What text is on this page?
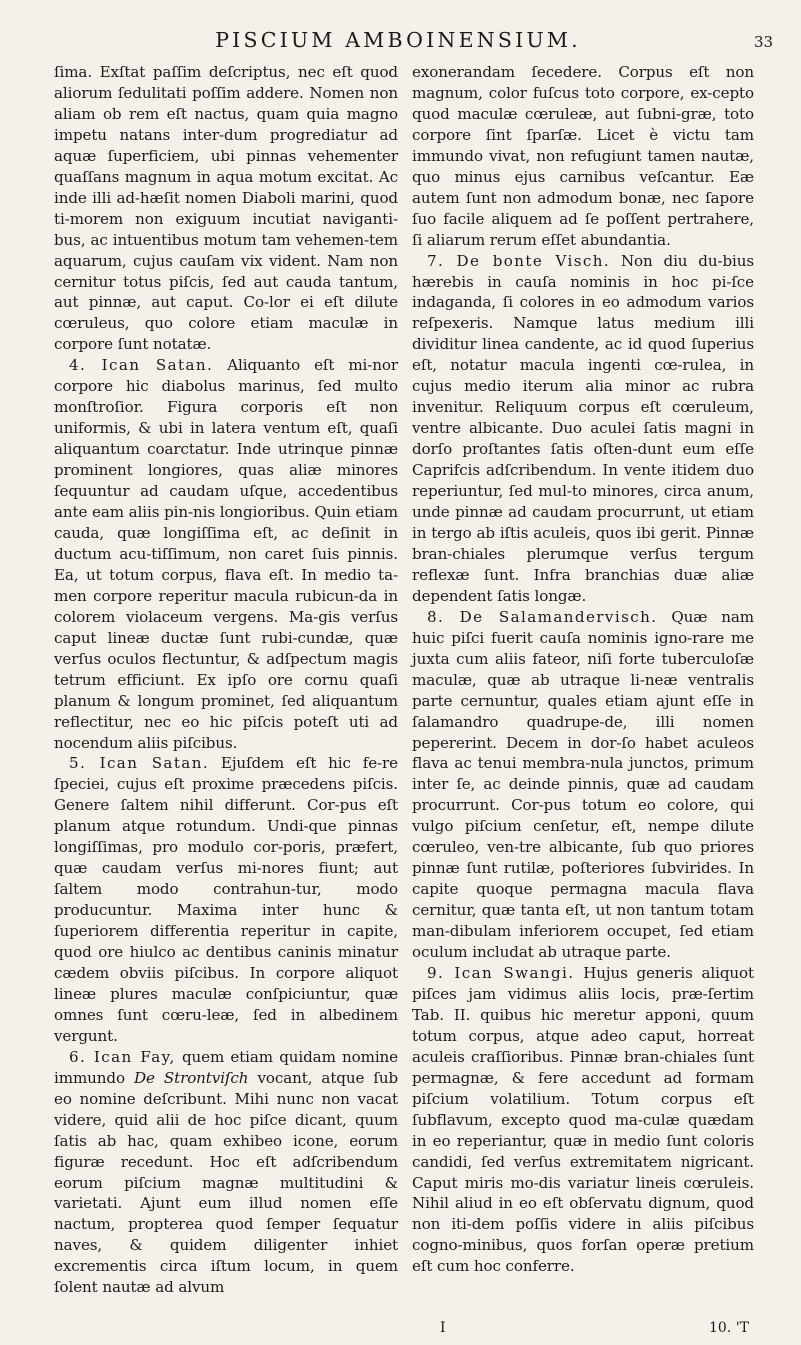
PISCIUM AMBOINENSIUM.	33

ſima. Exſtat paſſim deſcriptus, nec eſt quod aliorum ſedulitati poſſim addere. Nomen non aliam ob rem eſt nactus, quam quia magno impetu natans inter-dum progrediatur ad aquæ ſuperficiem, ubi pinnas vehementer quaſſans magnum in aqua motum excitat. Ac inde illi ad-hæſit nomen Diaboli marini, quod ti-morem non exiguum incutiat naviganti-bus, ac intuentibus motum tam vehemen-tem aquarum, cujus cauſam vix vident. Nam non cernitur totus piſcis, ſed aut cauda tantum, aut pinnæ, aut caput. Co-lor ei eſt dilute cœruleus, quo colore etiam maculæ in corpore ſunt notatæ.

4. Ican Satan. Aliquanto eſt mi-nor corpore hic diabolus marinus, ſed multo monſtroſior. Figura corporis eſt non uniformis, & ubi in latera ventum eſt, quaſi aliquantum coarctatur. Inde utrinque pinnæ prominent longiores, quas aliæ minores ſequuntur ad caudam uſque, accedentibus ante eam aliis pin-nis longioribus. Quin etiam cauda, quæ longiſſima eſt, ac deſinit in ductum acu-tiſſimum, non caret ſuis pinnis. Ea, ut totum corpus, flava eſt. In medio ta-men corpore reperitur macula rubicun-da in colorem violaceum vergens. Ma-gis verſus caput lineæ ductæ ſunt rubi-cundæ, quæ verſus oculos flectuntur, & adſpectum magis tetrum efficiunt. Ex ipſo ore cornu quaſi planum & longum prominet, ſed aliquantum reflectitur, nec eo hic piſcis poteſt uti ad nocendum aliis piſcibus.

5. Ican Satan. Ejuſdem eſt hic fe-re ſpeciei, cujus eſt proxime præcedens piſcis. Genere ſaltem nihil differunt. Cor-pus eſt planum atque rotundum. Undi-que pinnas longiſſimas, pro modulo cor-poris, præfert, quæ caudam verſus mi-nores fiunt; aut ſaltem modo contrahun-tur, modo producuntur. Maxima inter hunc & ſuperiorem differentia reperitur in capite, quod ore hiulco ac dentibus caninis minatur cædem obviis piſcibus. In corpore aliquot lineæ plures maculæ conſpiciuntur, quæ omnes ſunt cœru-leæ, ſed in albedinem vergunt.

6. Ican Fay, quem etiam quidam nomine immundo De Strontviſch vocant, atque ſub eo nomine deſcribunt. Mihi nunc non vacat videre, quid alii de hoc piſce dicant, quum ſatis ab hac, quam exhibeo icone, eorum figuræ recedunt. Hoc eſt adſcribendum eorum piſcium magnæ multitudini & varietati. Ajunt eum illud nomen eſſe nactum, propterea quod ſemper ſequatur naves, & quidem diligenter inhiet excrementis circa iſtum locum, in quem ſolent nautæ ad alvum

exonerandam ſecedere. Corpus eſt non magnum, color fuſcus toto corpore, ex-cepto quod maculæ cœruleæ, aut ſubni-græ, toto corpore ſint ſparſæ. Licet è victu tam immundo vivat, non refugiunt tamen nautæ, quo minus ejus carnibus veſcantur. Eæ autem ſunt non admodum bonæ, nec ſapore ſuo facile aliquem ad ſe poſſent pertrahere, ſi aliarum rerum eſſet abundantia.

7. De bonte Visch. Non diu du-bius hærebis in cauſa nominis in hoc pi-ſce indaganda, ſi colores in eo admodum varios reſpexeris. Namque latus medium illi dividitur linea candente, ac id quod ſuperius eſt, notatur macula ingenti cœ-rulea, in cujus medio iterum alia minor ac rubra invenitur. Reliquum corpus eſt cœruleum, ventre albicante. Duo aculei ſatis magni in dorſo proſtantes ſatis oſten-dunt eum eſſe Caprifcis adſcribendum. In vente itidem duo reperiuntur, ſed mul-to minores, circa anum, unde pinnæ ad caudam procurrunt, ut etiam in tergo ab iſtis aculeis, quos ibi gerit. Pinnæ bran-chiales plerumque verſus tergum reflexæ ſunt. Infra branchias duæ aliæ dependent ſatis longæ.

8. De Salamandervisch. Quæ nam huic piſci fuerit cauſa nominis igno-rare me juxta cum aliis fateor, niſi forte tuberculoſæ maculæ, quæ ab utraque li-neæ ventralis parte cernuntur, quales etiam ajunt eſſe in ſalamandro quadrupe-de, illi nomen pepererint. Decem in dor-ſo habet aculeos flava ac tenui membra-nula junctos, primum inter ſe, ac deinde pinnis, quæ ad caudam procurrunt. Cor-pus totum eo colore, qui vulgo piſcium cenſetur, eſt, nempe dilute cœruleo, ven-tre albicante, ſub quo priores pinnæ ſunt rutilæ, poſteriores ſubvirides. In capite quoque permagna macula flava cernitur, quæ tanta eſt, ut non tantum totam man-dibulam inferiorem occupet, ſed etiam oculum includat ab utraque parte.

9. Ican Swangi. Hujus generis aliquot piſces jam vidimus aliis locis, præ-ſertim Tab. II. quibus hic meretur apponi, quum totum corpus, atque adeo caput, horreat aculeis craſſioribus. Pinnæ bran-chiales ſunt permagnæ, & fere accedunt ad formam piſcium volatilium. Totum corpus eſt ſubflavum, excepto quod ma-culæ quædam in eo reperiantur, quæ in medio ſunt coloris candidi, ſed verſus extremitatem nigricant. Caput miris mo-dis variatur lineis cœruleis. Nihil aliud in eo eſt obſervatu dignum, quod non iti-dem poſſis videre in aliis piſcibus cogno-minibus, quos forſan operæ pretium eſt cum hoc conferre.

I	10. 'T
